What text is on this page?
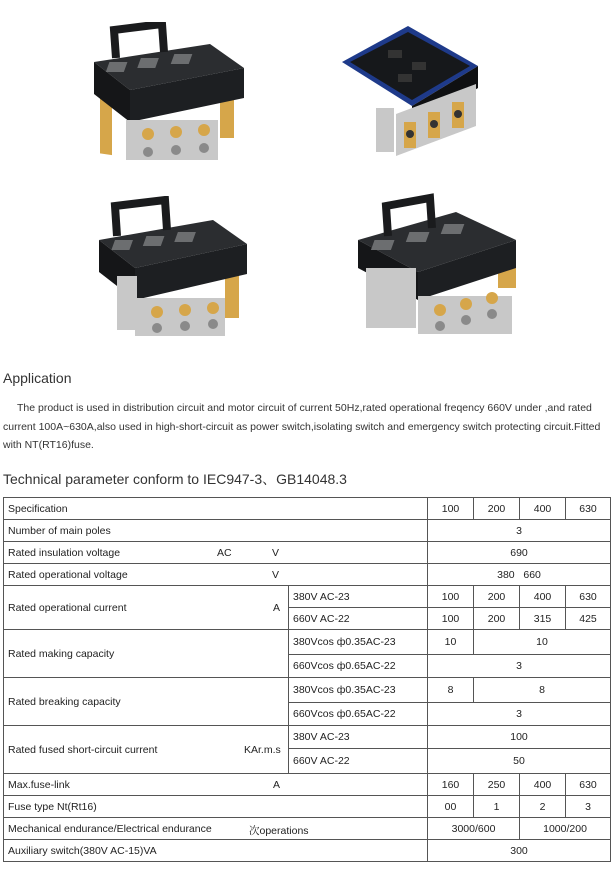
Application

The product is used in distribution circuit and motor circuit of current 50Hz,rated operational freqency 660V under ,and rated current 100A~630A,also used in high-short-circuit as power switch,isolating switch and emergency switch protecting circuit.Fitted with NT(RT16)fuse.

Technical parameter conform to IEC947-3、GB14048.3
Specification		100	200	400	630
Number of main poles		3			
Rated insulation voltage AC V		690			
Rated operational voltage V		380   660			
Rated operational current A	380V AC-23	100	200	400	630
	660V AC-22	100	200	315	425
Rated making capacity	380Vcos ф0.35AC-23	10	10		
	660Vcos ф0.65AC-22	3			
Rated breaking capacity	380Vcos ф0.35AC-23	8	8		
	660Vcos ф0.65AC-22	3			
Rated fused short-circuit current KAr.m.s	380V AC-23	100			
	660V AC-22	50			
Max.fuse-link A		160	250	400	630
Fuse type Nt(Rt16)		00	1	2	3
Mechanical endurance/Electrical endurance 次operations		3000/600		1000/200	
Auxiliary switch(380V AC-15)VA		300			
